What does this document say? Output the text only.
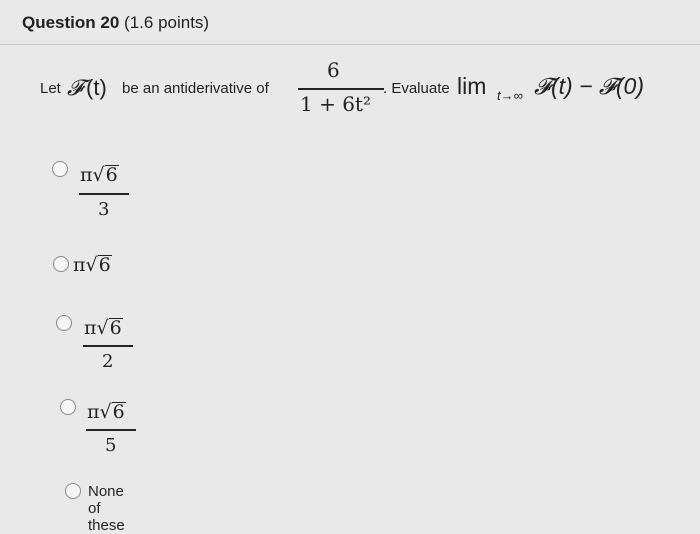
Question 20 (1.6 points)
Let 𝓕 (t) be an antiderivative of
6
1 + 6t²
. Evaluate lim t→∞ 𝓕(t) − 𝓕(0)
π√6
3
π√6
π√6
2
π√6
5
None of these
